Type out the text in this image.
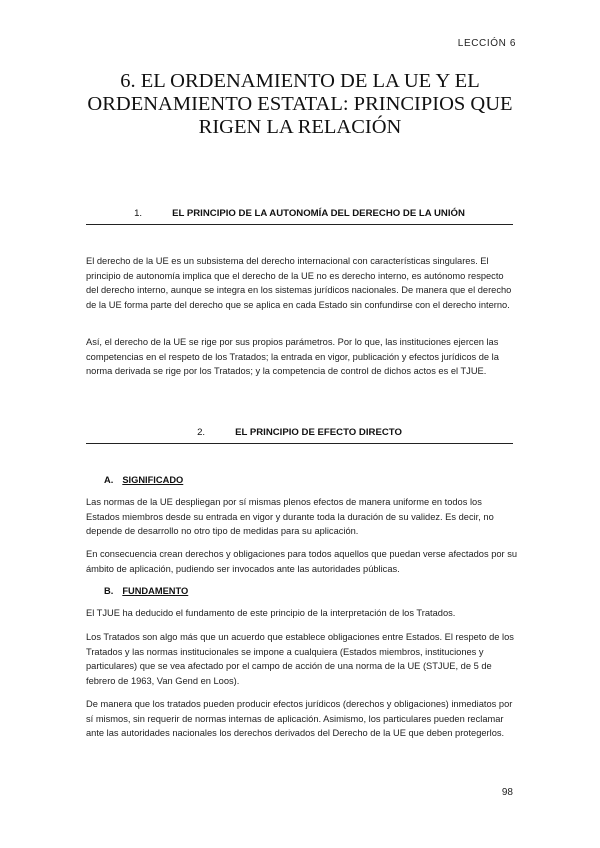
LECCIÓN 6
6. EL ORDENAMIENTO DE LA UE Y EL
ORDENAMIENTO ESTATAL: PRINCIPIOS QUE
RIGEN LA RELACIÓN
1.	EL PRINCIPIO DE LA AUTONOMÍA DEL DERECHO DE LA UNIÓN

El derecho de la UE es un subsistema del derecho internacional con características singulares. El principio de autonomía implica que el derecho de la UE no es derecho interno, es autónomo respecto del derecho interno, aunque se integra en los sistemas jurídicos nacionales. De manera que el derecho de la UE forma parte del derecho que se aplica en cada Estado sin confundirse con el derecho interno.

Así, el derecho de la UE se rige por sus propios parámetros. Por lo que, las instituciones ejercen las competencias en el respeto de los Tratados; la entrada en vigor, publicación y efectos jurídicos de la norma derivada se rige por los Tratados; y la competencia de control de dichos actos es el TJUE.

2.	EL PRINCIPIO DE EFECTO DIRECTO
A. SIGNIFICADO

Las normas de la UE despliegan por sí mismas plenos efectos de manera uniforme en todos los Estados miembros desde su entrada en vigor y durante toda la duración de su validez. Es decir, no depende de desarrollo no otro tipo de medidas para su aplicación.

En consecuencia crean derechos y obligaciones para todos aquellos que puedan verse afectados por su ámbito de aplicación, pudiendo ser invocados ante las autoridades públicas.

B. FUNDAMENTO

El TJUE ha deducido el fundamento de este principio de la interpretación de los Tratados.

Los Tratados son algo más que un acuerdo que establece obligaciones entre Estados. El respeto de los Tratados y las normas institucionales se impone a cualquiera (Estados miembros, instituciones y particulares) que se vea afectado por el campo de acción de una norma de la UE (STJUE, de 5 de febrero de 1963, Van Gend en Loos).

De manera que los tratados pueden producir efectos jurídicos (derechos y obligaciones) inmediatos por sí mismos, sin requerir de normas internas de aplicación. Asimismo, los particulares pueden reclamar ante las autoridades nacionales los derechos derivados del Derecho de la UE que deben protegerlos.

98
